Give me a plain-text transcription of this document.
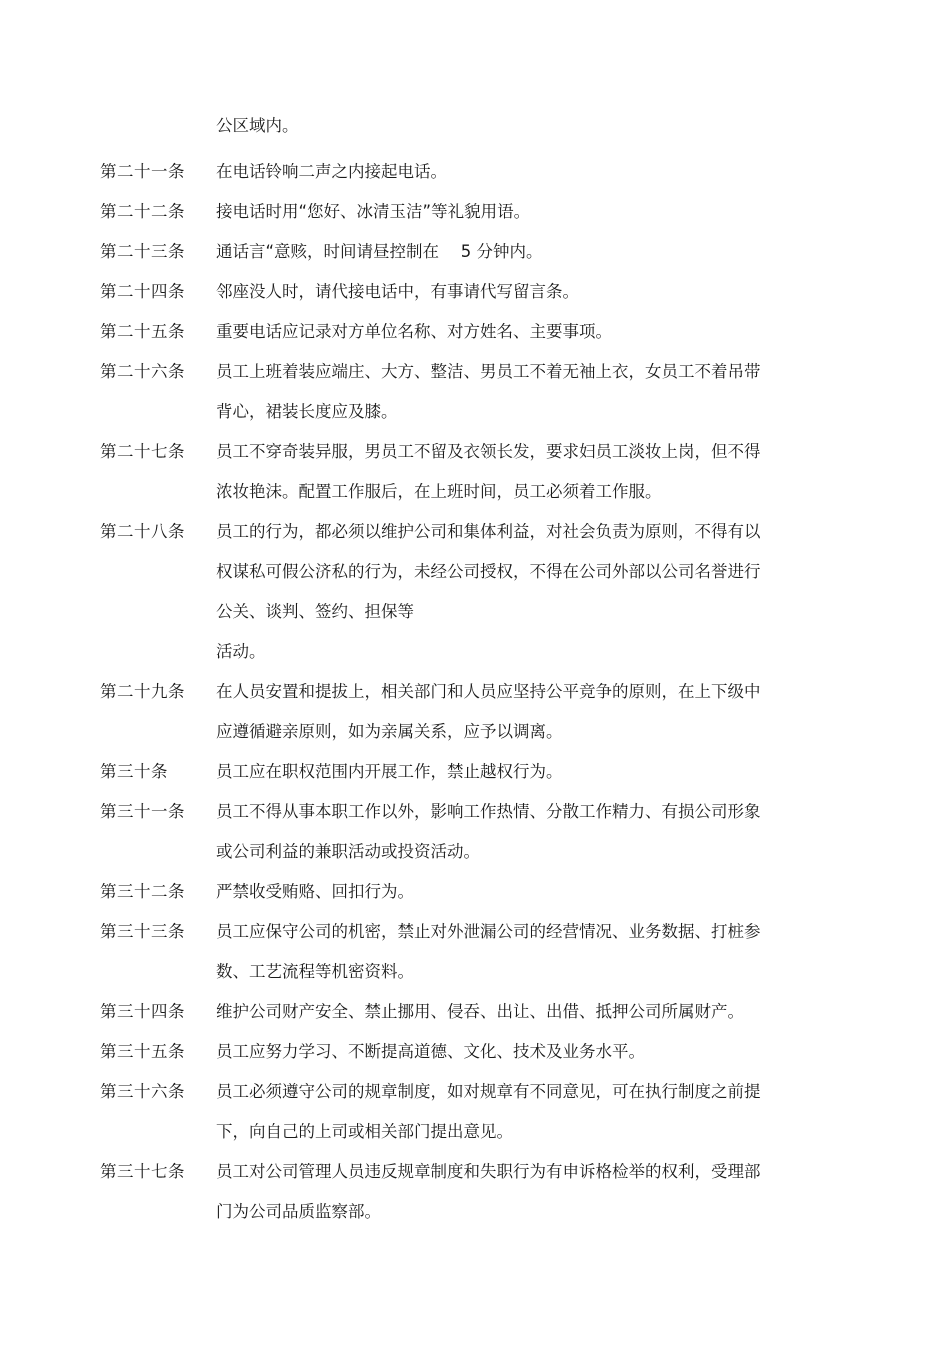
公区域内。
第二十一条 在电话铃响二声之内接起电话。
第二十二条 接电话时用“您好、冰清玉洁”等礼貌用语。
第二十三条 通话言“意赅，时间请昼控制在　 5 分钟内。
第二十四条 邻座没人时，请代接电话中，有事请代写留言条。
第二十五条 重要电话应记录对方单位名称、对方姓名、主要事项。
第二十六条 员工上班着装应端庄、大方、整洁、男员工不着无袖上衣，女员工不着吊带
背心，裙装长度应及膝。
第二十七条 员工不穿奇装异服，男员工不留及衣领长发，要求妇员工淡妆上岗，但不得
浓妆艳沫。配置工作服后，在上班时间，员工必须着工作服。
第二十八条 员工的行为，都必须以维护公司和集体利益，对社会负责为原则，不得有以
权谋私可假公济私的行为，未经公司授权，不得在公司外部以公司名誉进行
公关、谈判、签约、担保等
活动。
第二十九条 在人员安置和提拔上，相关部门和人员应坚持公平竞争的原则，在上下级中
应遵循避亲原则，如为亲属关系，应予以调离。
第三十条	员工应在职权范围内开展工作，禁止越权行为。
第三十一条 员工不得从事本职工作以外，影响工作热情、分散工作精力、有损公司形象
或公司利益的兼职活动或投资活动。
第三十二条 严禁收受贿赂、回扣行为。
第三十三条 员工应保守公司的机密，禁止对外泄漏公司的经营情况、业务数据、打桩参
数、工艺流程等机密资料。
第三十四条 维护公司财产安全、禁止挪用、侵吞、出让、出借、抵押公司所属财产。
第三十五条 员工应努力学习、不断提高道德、文化、技术及业务水平。
第三十六条 员工必须遵守公司的规章制度，如对规章有不同意见，可在执行制度之前提
下，向自己的上司或相关部门提出意见。
第三十七条 员工对公司管理人员违反规章制度和失职行为有申诉格检举的权利，受理部
门为公司品质监察部。
